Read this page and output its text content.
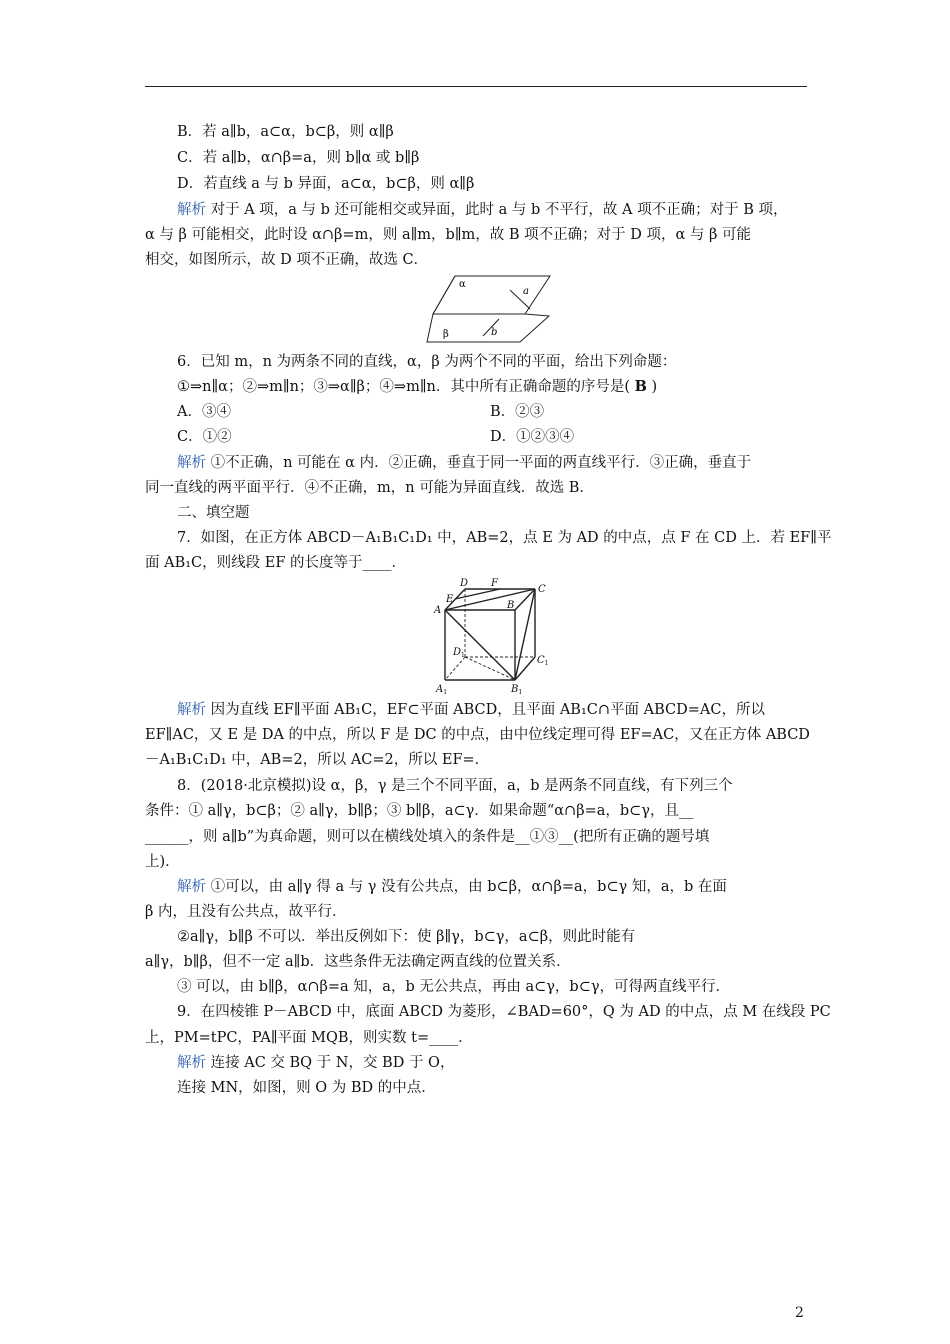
B．若 a∥b，a⊂α，b⊂β，则 α∥β
C．若 a∥b，α∩β=a，则 b∥α 或 b∥β
D．若直线 a 与 b 异面，a⊂α，b⊂β，则 α∥β
解析 对于 A 项，a 与 b 还可能相交或异面，此时 a 与 b 不平行，故 A 项不正确；对于 B 项，
α 与 β 可能相交，此时设 α∩β=m，则 a∥m，b∥m，故 B 项不正确；对于 D 项，α 与 β 可能
相交，如图所示，故 D 项不正确，故选 C．
α
a
β	b
6．已知 m，n 为两条不同的直线，α，β 为两个不同的平面，给出下列命题：
①⇒n∥α；②⇒m∥n；③⇒α∥β；④⇒m∥n．其中所有正确命题的序号是( B )
A．③④	B．②③
C．①②	D．①②③④
解析 ①不正确，n 可能在 α 内．②正确，垂直于同一平面的两直线平行．③正确，垂直于
同一直线的两平面平行．④不正确，m，n 可能为异面直线．故选 B．
二、填空题
7．如图，在正方体 ABCD－A₁B₁C₁D₁ 中，AB=2，点 E 为 AD 的中点，点 F 在 CD 上．若 EF∥平
面 AB₁C，则线段 EF 的长度等于____．
D F
C
E
B
A
$D_1$	$C_1$
$A_1$	$B_1$
解析 因为直线 EF∥平面 AB₁C，EF⊂平面 ABCD，且平面 AB₁C∩平面 ABCD=AC，所以
EF∥AC，又 E 是 DA 的中点，所以 F 是 DC 的中点，由中位线定理可得 EF=AC，又在正方体 ABCD
－A₁B₁C₁D₁ 中，AB=2，所以 AC=2，所以 EF=．
8．(2018·北京模拟)设 α，β，γ 是三个不同平面，a，b 是两条不同直线，有下列三个
条件：① a∥γ，b⊂β；② a∥γ，b∥β；③ b∥β，a⊂γ．如果命题“α∩β=a，b⊂γ，且__
______，则 a∥b”为真命题，则可以在横线处填入的条件是__①③__(把所有正确的题号填
上)．
解析 ①可以，由 a∥γ 得 a 与 γ 没有公共点，由 b⊂β，α∩β=a，b⊂γ 知，a，b 在面
β 内，且没有公共点，故平行．
②a∥γ，b∥β 不可以．举出反例如下：使 β∥γ，b⊂γ，a⊂β，则此时能有
a∥γ，b∥β，但不一定 a∥b．这些条件无法确定两直线的位置关系．
③ 可以，由 b∥β，α∩β=a 知，a，b 无公共点，再由 a⊂γ，b⊂γ，可得两直线平行．
9．在四棱锥 P－ABCD 中，底面 ABCD 为菱形，∠BAD=60°，Q 为 AD 的中点，点 M 在线段 PC
上，PM=tPC，PA∥平面 MQB，则实数 t=____．
解析 连接 AC 交 BQ 于 N，交 BD 于 O，
连接 MN，如图，则 O 为 BD 的中点．
2
